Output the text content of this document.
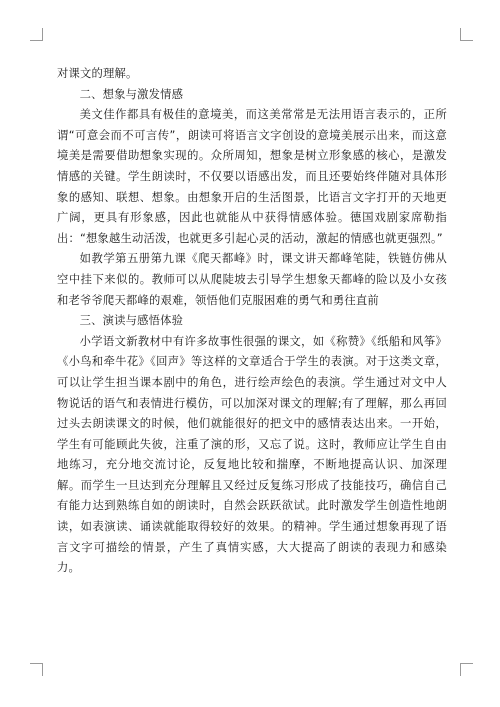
对课文的理解。

二、想象与激发情感

美文佳作都具有极佳的意境美，而这美常常是无法用语言表示的，正所谓“可意会而不可言传”，朗读可将语言文字创设的意境美展示出来，而这意境美是需要借助想象实现的。众所周知，想象是树立形象感的核心，是激发情感的关键。学生朗读时，不仅要以语感出发，而且还要始终伴随对具体形象的感知、联想、想象。由想象开启的生活图景，比语言文字打开的天地更广阔，更具有形象感，因此也就能从中获得情感体验。德国戏剧家席勒指出：“想象越生动活泼，也就更多引起心灵的活动，激起的情感也就更强烈。”

如教学第五册第九课《爬天都峰》时，课文讲天都峰笔陡，铁链仿佛从空中挂下来似的。教师可以从爬陡坡去引导学生想象天都峰的险以及小女孩和老爷爷爬天都峰的艰难，领悟他们克服困难的勇气和勇往直前

三、演读与感悟体验

小学语文新教材中有许多故事性很强的课文，如《称赞》《纸船和风筝》《小鸟和牵牛花》《回声》等这样的文章适合于学生的表演。对于这类文章，可以让学生担当课本剧中的角色，进行绘声绘色的表演。学生通过对文中人物说话的语气和表情进行模仿，可以加深对课文的理解;有了理解，那么再回过头去朗读课文的时候，他们就能很好的把文中的感情表达出来。一开始，学生有可能顾此失彼，注重了演的形，又忘了说。这时，教师应让学生自由地练习，充分地交流讨论，反复地比较和揣摩，不断地提高认识、加深理解。而学生一旦达到充分理解且又经过反复练习形成了技能技巧，确信自己有能力达到熟练自如的朗读时，自然会跃跃欲试。此时激发学生创造性地朗读，如表演读、诵读就能取得较好的效果。的精神。学生通过想象再现了语言文字可描绘的情景，产生了真情实感，大大提高了朗读的表现力和感染力。
